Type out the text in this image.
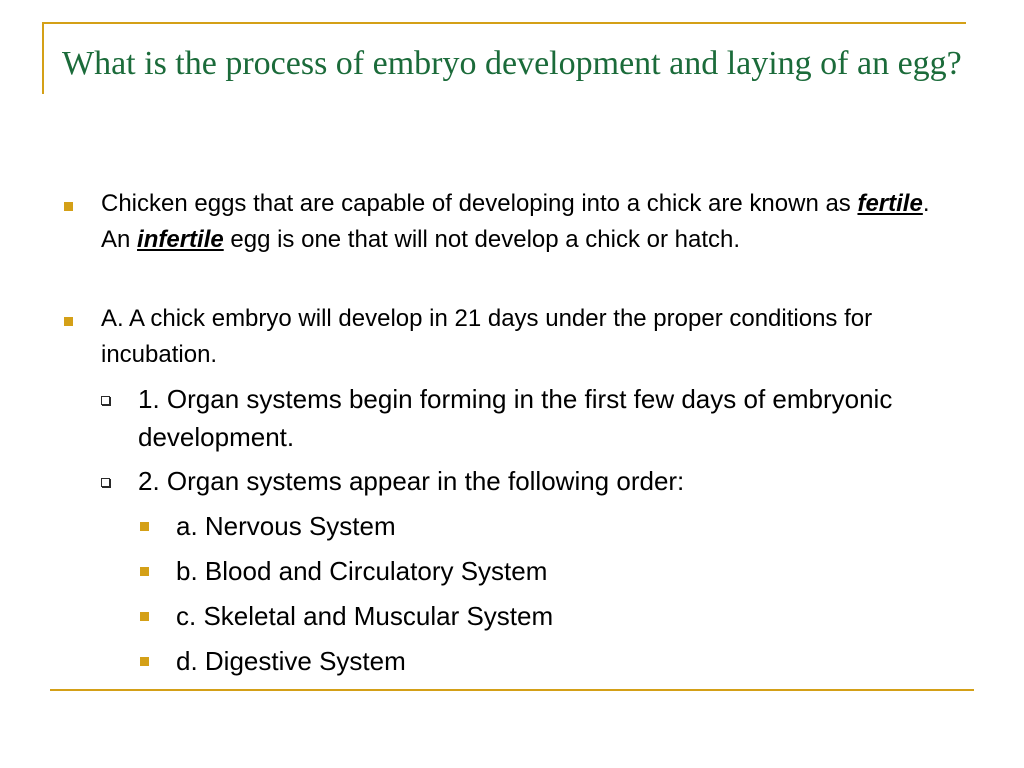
What is the process of embryo development and laying of an egg?
Chicken eggs that are capable of developing into a chick are known as fertile. An infertile egg is one that will not develop a chick or hatch.
A. A chick embryo will develop in 21 days under the proper conditions for incubation.
1. Organ systems begin forming in the first few days of embryonic development.
2. Organ systems appear in the following order:
a. Nervous System
b. Blood and Circulatory System
c. Skeletal and Muscular System
d. Digestive System
